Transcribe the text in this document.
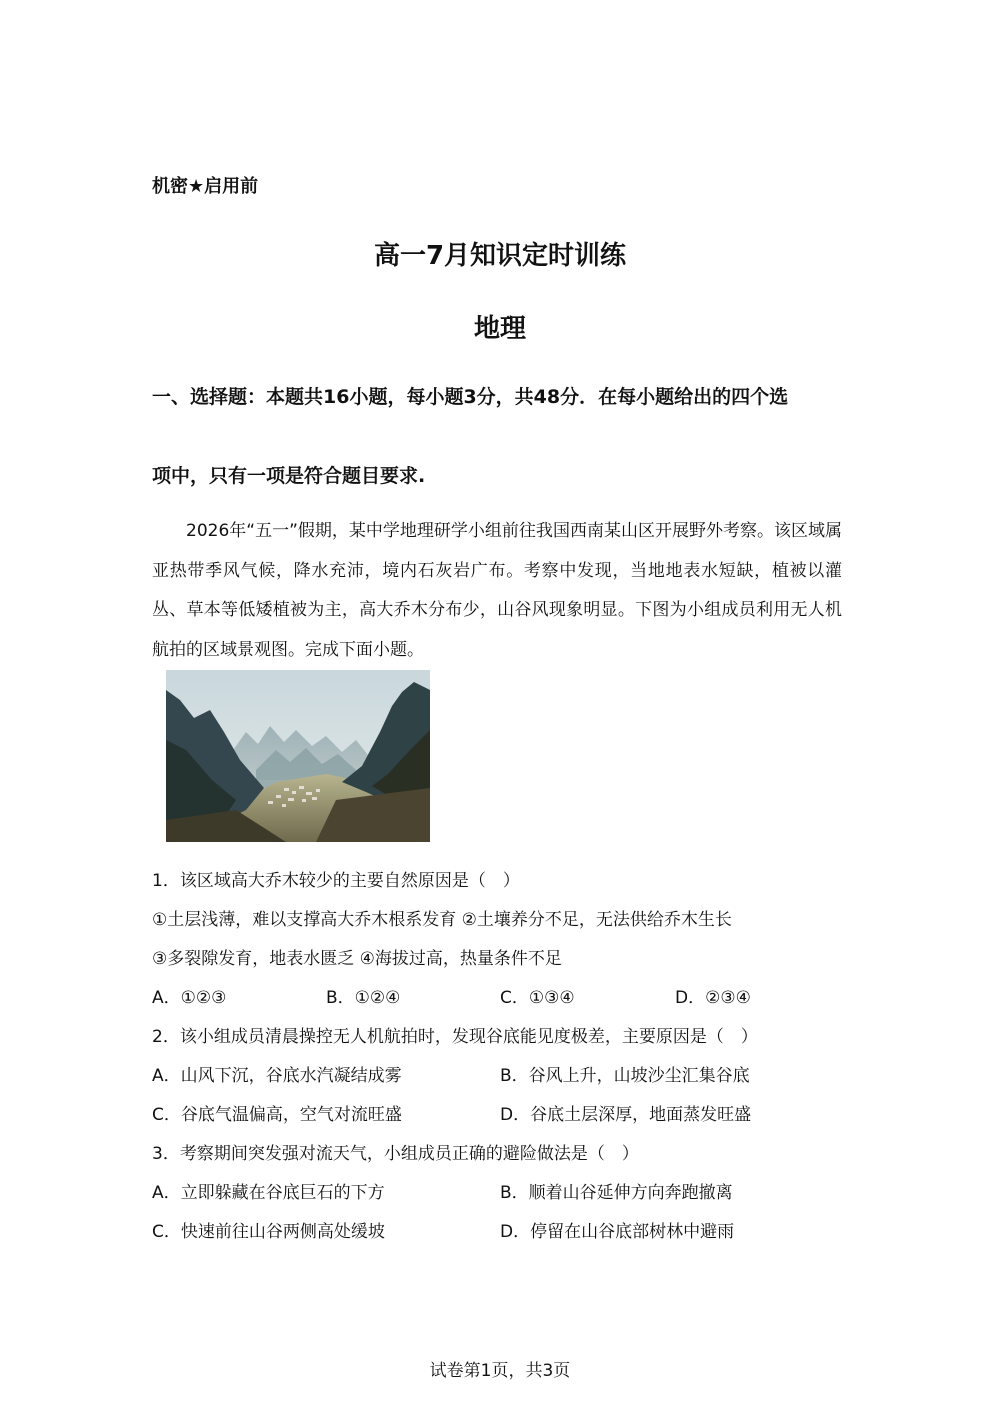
机密★启用前
高一7月知识定时训练
地理
一、选择题：本题共16小题，每小题3分，共48分．在每小题给出的四个选
项中，只有一项是符合题目要求.
2026年“五一”假期，某中学地理研学小组前往我国西南某山区开展野外考察。该区域属亚热带季风气候，降水充沛，境内石灰岩广布。考察中发现，当地地表水短缺，植被以灌丛、草本等低矮植被为主，高大乔木分布少，山谷风现象明显。下图为小组成员利用无人机航拍的区域景观图。完成下面小题。
1．该区域高大乔木较少的主要自然原因是（　）
①土层浅薄，难以支撑高大乔木根系发育 ②土壤养分不足，无法供给乔木生长
③多裂隙发育，地表水匮乏 ④海拔过高，热量条件不足
A．①②③	B．①②④	C．①③④	D．②③④
2．该小组成员清晨操控无人机航拍时，发现谷底能见度极差，主要原因是（　）
A．山风下沉，谷底水汽凝结成雾	B．谷风上升，山坡沙尘汇集谷底
C．谷底气温偏高，空气对流旺盛	D．谷底土层深厚，地面蒸发旺盛
3．考察期间突发强对流天气，小组成员正确的避险做法是（　）
A．立即躲藏在谷底巨石的下方	B．顺着山谷延伸方向奔跑撤离
C．快速前往山谷两侧高处缓坡	D．停留在山谷底部树林中避雨
试卷第1页，共3页
